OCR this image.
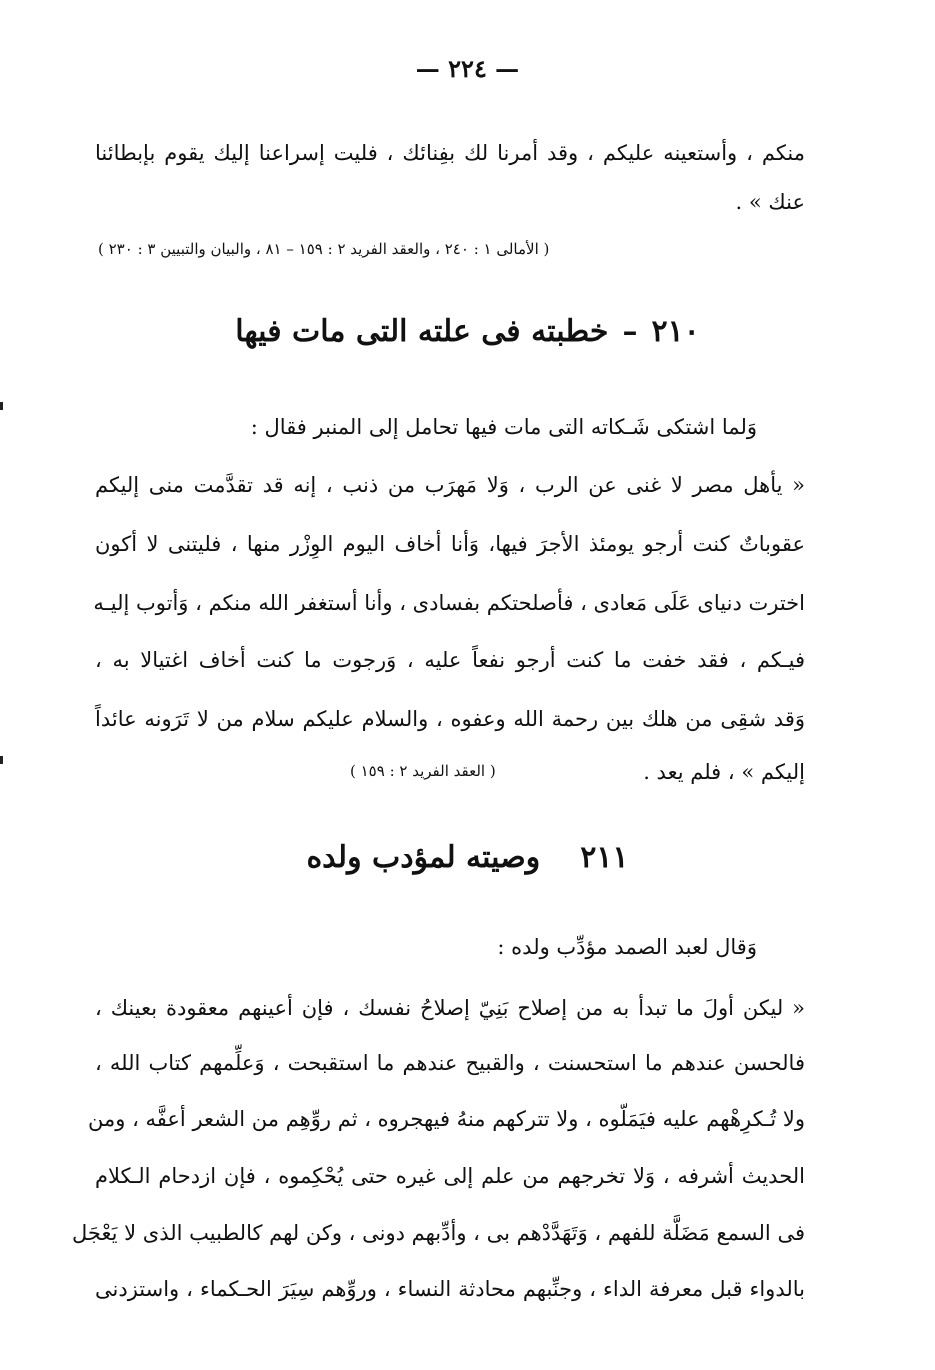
— ٢٢٤ —
منكم ، وأستعينه عليكم ، وقد أمرنا لك بفِنائك ، فليت إسراعنا إليك يقوم بإبطائنا
عنك » .
( الأمالى ١ : ٢٤٠ ، والعقد الفريد ٢ : ١٥٩ – ٨١ ، والبيان والتبيين ٣ : ٢٣٠ )
٢١٠–خطبته فى علته التى مات فيها
وَلما اشتكى شَـكاته التى مات فيها تحامل إلى المنبر فقال :
« يأهل مصر لا غنى عن الرب ، وَلا مَهرَب من ذنب ، إنه قد تقدَّمت منى إليكم
عقوباتٌ كنت أرجو يومئذ الأجرَ فيها، وَأنا أخاف اليوم الوِزْر منها ، فليتنى لا أكون
اخترت دنياى عَلَى مَعادى ، فأصلحتكم بفسادى ، وأنا أستغفر الله منكم ، وَأتوب إليـه
فيـكم ، فقد خفت ما كنت أرجو نفعاً عليه ، وَرجوت ما كنت أخاف اغتيالا به ،
وَقد شقِى من هلك بين رحمة الله وعفوه ، والسلام عليكم سلام من لا تَرَونه عائداً
إليكم » ، فلم يعد .
( العقد الفريد ٢ : ١٥٩ )
٢١١وصيته لمؤدب ولده
وَقال لعبد الصمد مؤدِّب ولده :
« ليكن أولَ ما تبدأ به من إصلاح بَنِيّ إصلاحُ نفسك ، فإن أعينهم معقودة بعينك ،
فالحسن عندهم ما استحسنت ، والقبيح عندهم ما استقبحت ، وَعلِّمهم كتاب الله ،
ولا تُـكرِهْهم عليه فيَمَلّوه ، ولا تتركهم منهُ فيهجروه ، ثم روِّهِم من الشعر أعفَّه ، ومن
الحديث أشرفه ، وَلا تخرجهم من علم إلى غيره حتى يُحْكِموه ، فإن ازدحام الـكلام
فى السمع مَضَلَّة للفهم ، وَتَهَدَّدْهم بى ، وأدِّبهم دونى ، وكن لهم كالطبيب الذى لا يَعْجَل
بالدواء قبل معرفة الداء ، وجنِّبهم محادثة النساء ، وروِّهم سِيَرَ الحـكماء ، واستزدنى
